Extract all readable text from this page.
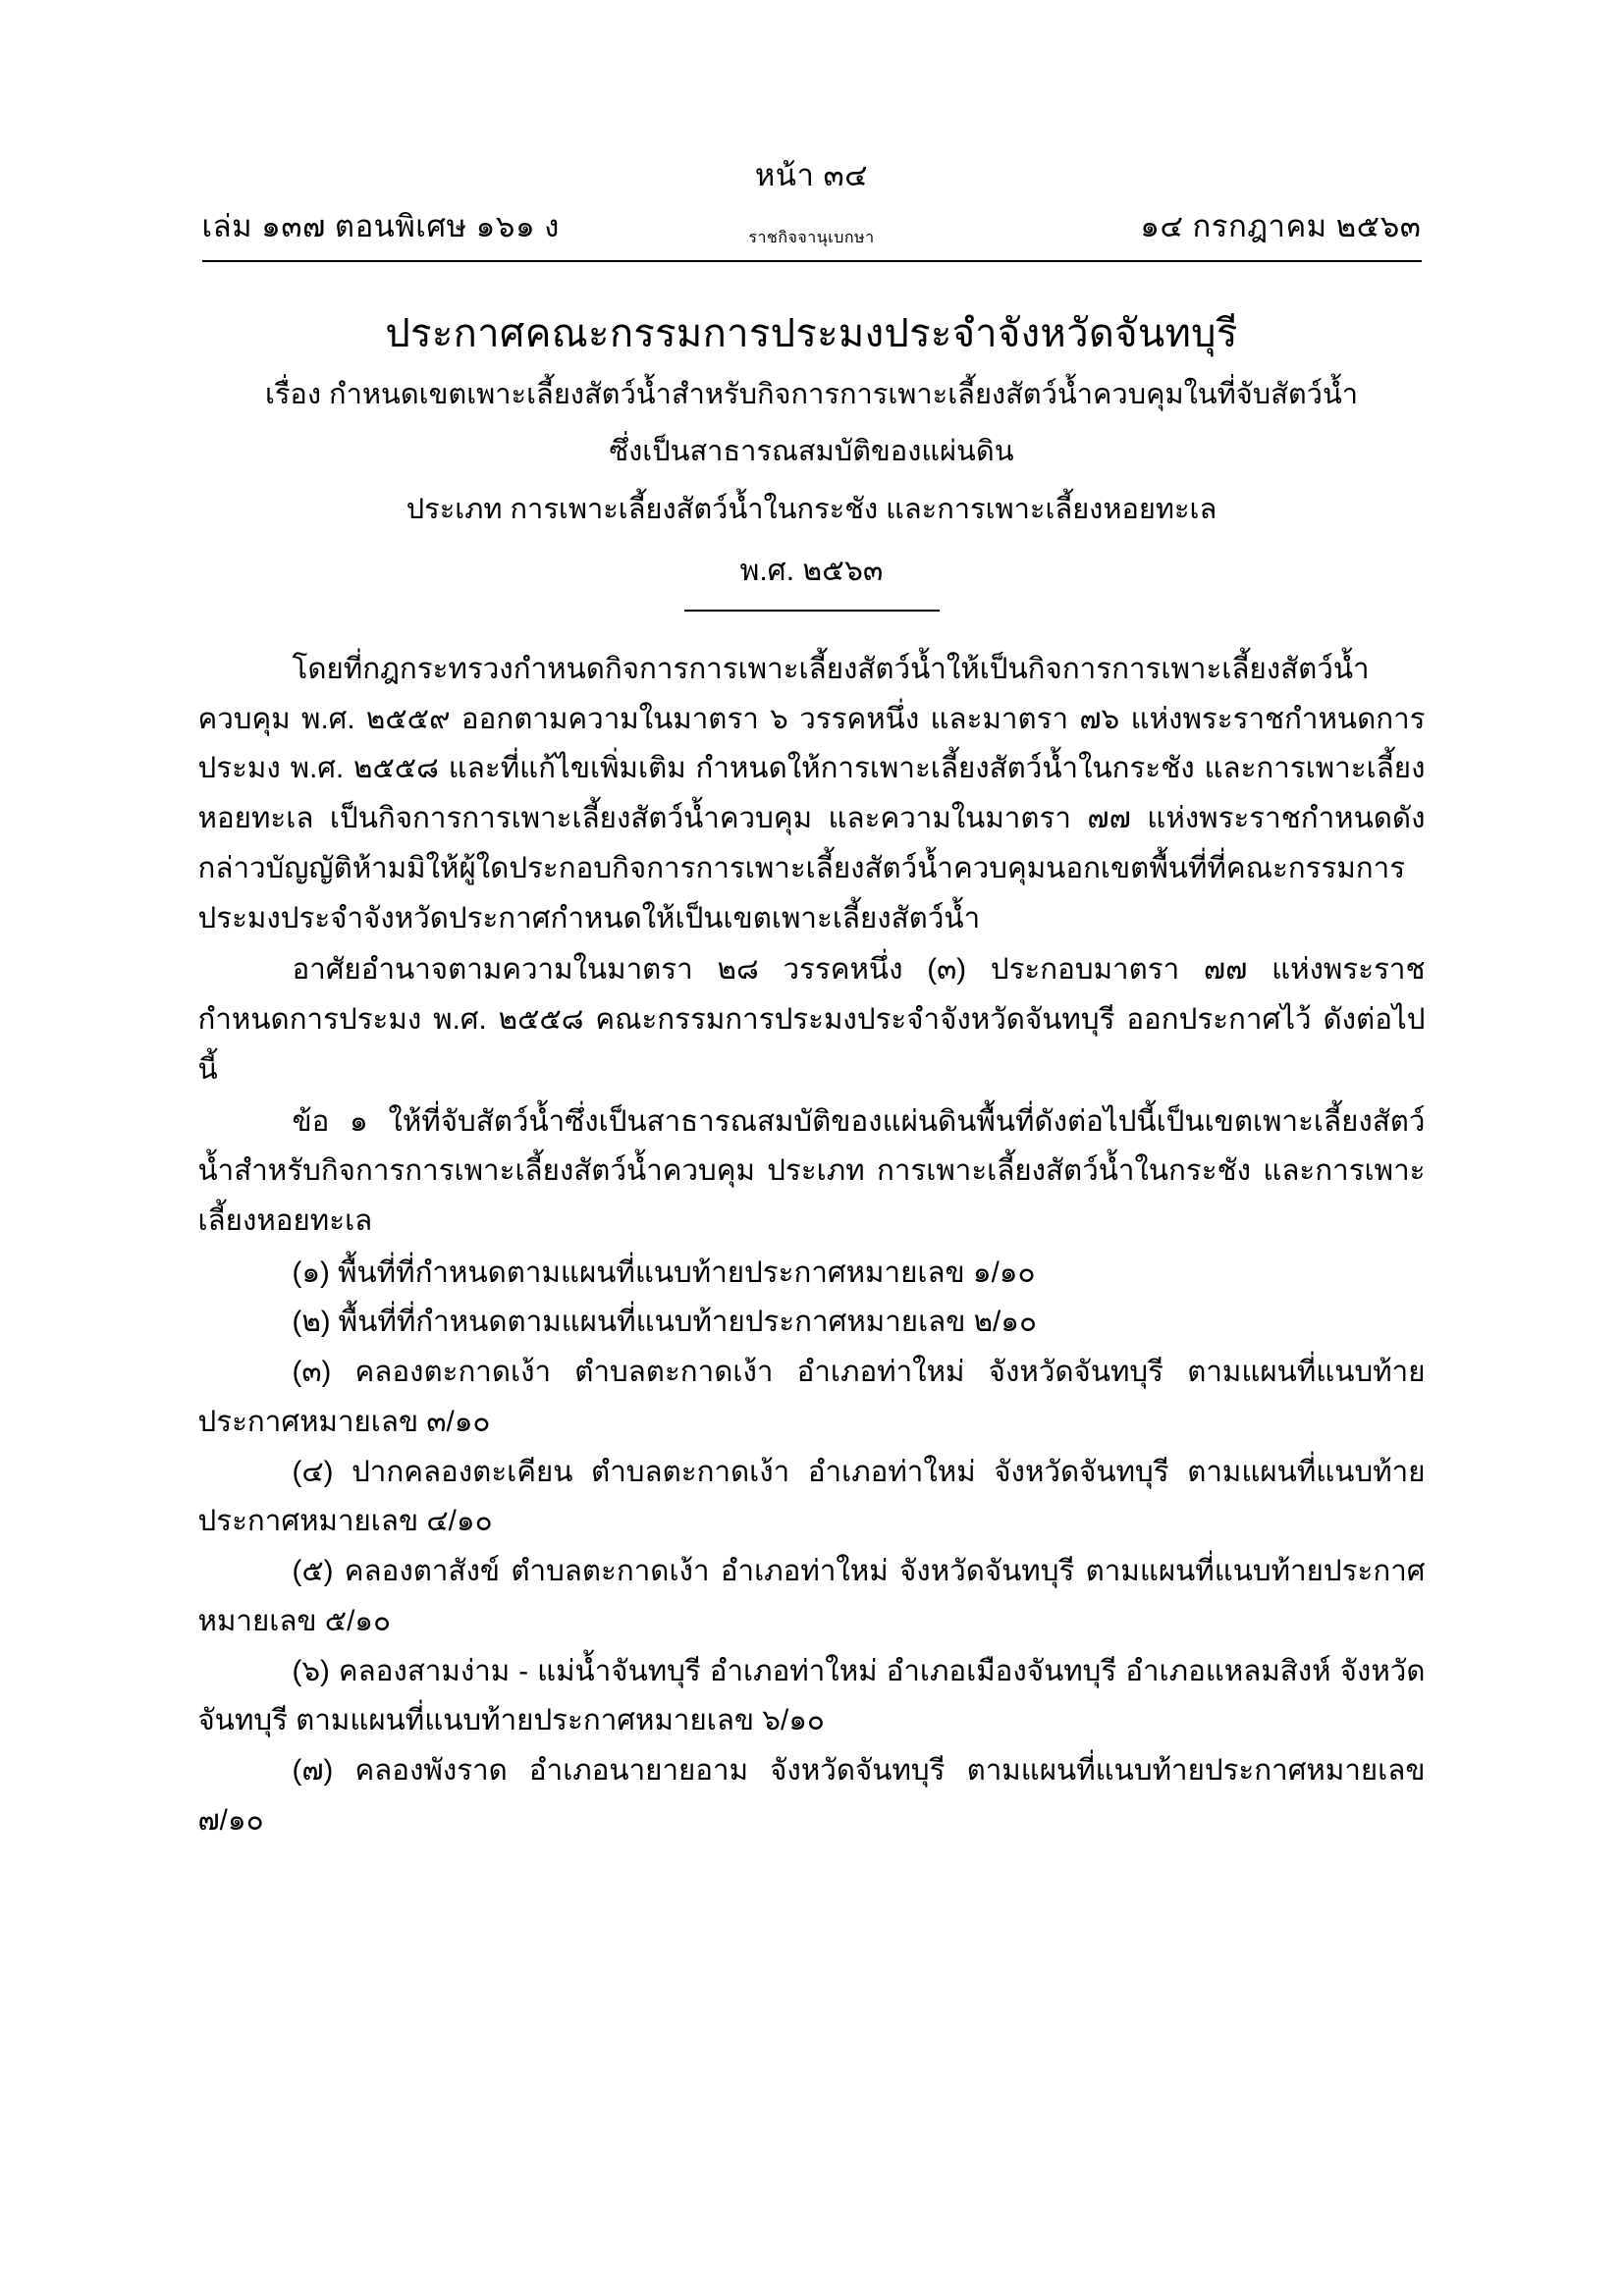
หน้า ๓๔
เล่ม ๑๓๗ ตอนพิเศษ ๑๖๑ ง	๑๔ กรกฎาคม ๒๕๖๓
ราชกิจจานุเบกษา
ประกาศคณะกรรมการประมงประจำจังหวัดจันทบุรี
เรื่อง กำหนดเขตเพาะเลี้ยงสัตว์น้ำสำหรับกิจการการเพาะเลี้ยงสัตว์น้ำควบคุมในที่จับสัตว์น้ำ
ซึ่งเป็นสาธารณสมบัติของแผ่นดิน
ประเภท การเพาะเลี้ยงสัตว์น้ำในกระชัง และการเพาะเลี้ยงหอยทะเล
พ.ศ. ๒๕๖๓

โดยที่กฎกระทรวงกำหนดกิจการการเพาะเลี้ยงสัตว์น้ำให้เป็นกิจการการเพาะเลี้ยงสัตว์น้ำควบคุม พ.ศ. ๒๕๕๙ ออกตามความในมาตรา ๖ วรรคหนึ่ง และมาตรา ๗๖ แห่งพระราชกำหนดการประมง พ.ศ. ๒๕๕๘ และที่แก้ไขเพิ่มเติม กำหนดให้การเพาะเลี้ยงสัตว์น้ำในกระชัง และการเพาะเลี้ยงหอยทะเล เป็นกิจการการเพาะเลี้ยงสัตว์น้ำควบคุม และความในมาตรา ๗๗ แห่งพระราชกำหนดดังกล่าวบัญญัติห้ามมิให้ผู้ใดประกอบกิจการการเพาะเลี้ยงสัตว์น้ำควบคุมนอกเขตพื้นที่ที่คณะกรรมการประมงประจำจังหวัดประกาศกำหนดให้เป็นเขตเพาะเลี้ยงสัตว์น้ำ

อาศัยอำนาจตามความในมาตรา ๒๘ วรรคหนึ่ง (๓) ประกอบมาตรา ๗๗ แห่งพระราชกำหนดการประมง พ.ศ. ๒๕๕๘ คณะกรรมการประมงประจำจังหวัดจันทบุรี ออกประกาศไว้ ดังต่อไปนี้

ข้อ ๑ ให้ที่จับสัตว์น้ำซึ่งเป็นสาธารณสมบัติของแผ่นดินพื้นที่ดังต่อไปนี้เป็นเขตเพาะเลี้ยงสัตว์น้ำสำหรับกิจการการเพาะเลี้ยงสัตว์น้ำควบคุม ประเภท การเพาะเลี้ยงสัตว์น้ำในกระชัง และการเพาะเลี้ยงหอยทะเล

(๑) พื้นที่ที่กำหนดตามแผนที่แนบท้ายประกาศหมายเลข ๑/๑๐

(๒) พื้นที่ที่กำหนดตามแผนที่แนบท้ายประกาศหมายเลข ๒/๑๐

(๓) คลองตะกาดเง้า ตำบลตะกาดเง้า อำเภอท่าใหม่ จังหวัดจันทบุรี ตามแผนที่แนบท้ายประกาศหมายเลข ๓/๑๐

(๔) ปากคลองตะเคียน ตำบลตะกาดเง้า อำเภอท่าใหม่ จังหวัดจันทบุรี ตามแผนที่แนบท้ายประกาศหมายเลข ๔/๑๐

(๕) คลองตาสังข์ ตำบลตะกาดเง้า อำเภอท่าใหม่ จังหวัดจันทบุรี ตามแผนที่แนบท้ายประกาศหมายเลข ๕/๑๐

(๖) คลองสามง่าม - แม่น้ำจันทบุรี อำเภอท่าใหม่ อำเภอเมืองจันทบุรี อำเภอแหลมสิงห์ จังหวัดจันทบุรี ตามแผนที่แนบท้ายประกาศหมายเลข ๖/๑๐

(๗) คลองพังราด อำเภอนายายอาม จังหวัดจันทบุรี ตามแผนที่แนบท้ายประกาศหมายเลข ๗/๑๐
